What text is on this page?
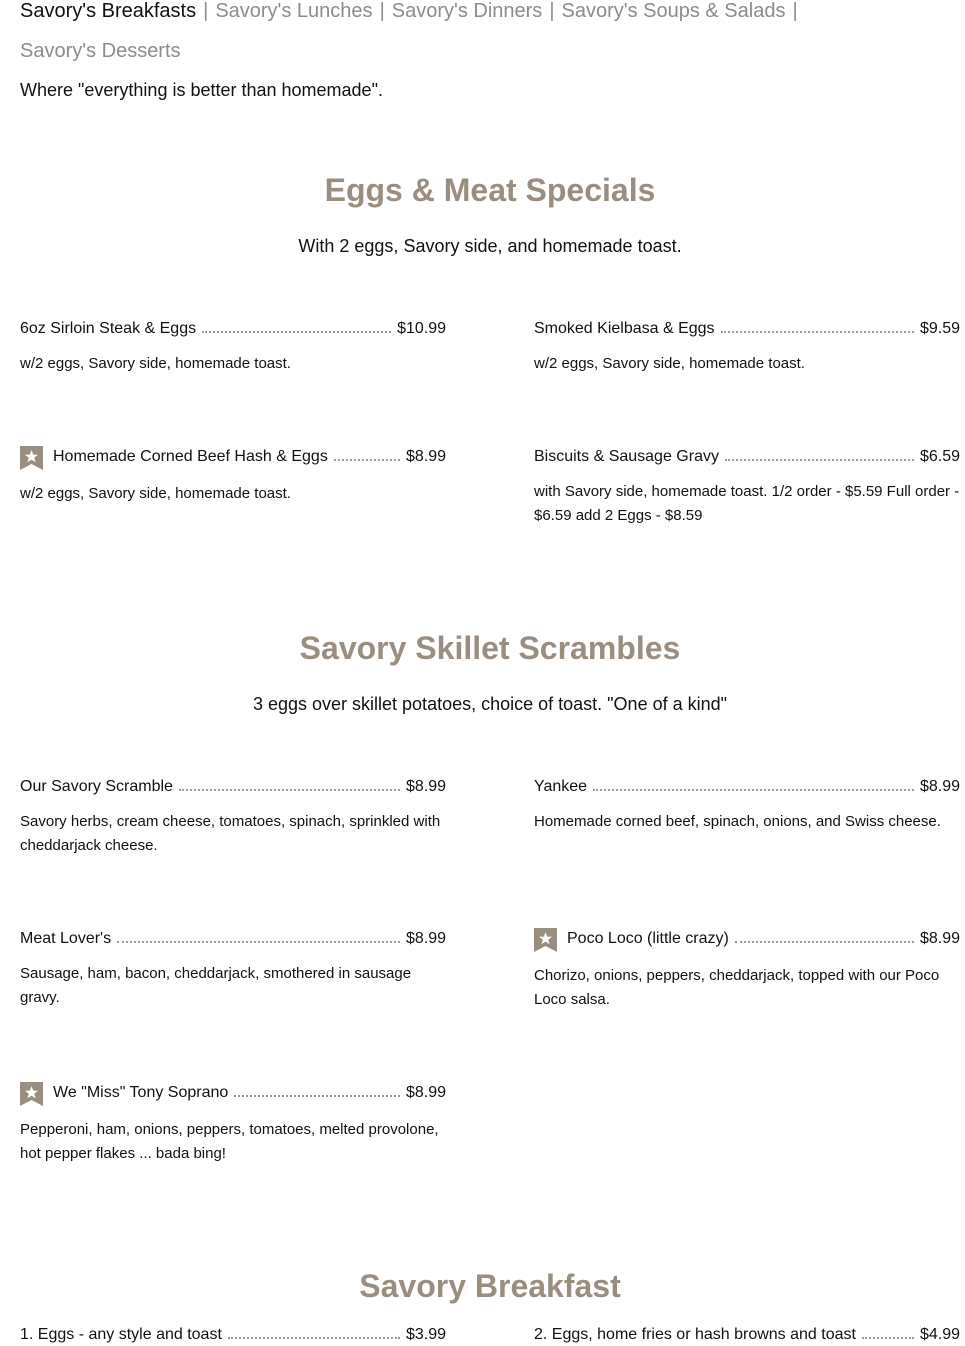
Savory's Breakfasts | Savory's Lunches | Savory's Dinners | Savory's Soups & Salads |
Savory's Desserts
Where "everything is better than homemade".
Eggs & Meat Specials
With 2 eggs, Savory side, and homemade toast.
6oz Sirloin Steak & Eggs	$10.99
w/2 eggs, Savory side, homemade toast.
Smoked Kielbasa & Eggs	$9.59
w/2 eggs, Savory side, homemade toast.
Homemade Corned Beef Hash & Eggs	$8.99
w/2 eggs, Savory side, homemade toast.
Biscuits & Sausage Gravy	$6.59
with Savory side, homemade toast. 1/2 order - $5.59 Full order - $6.59 add 2 Eggs - $8.59
Savory Skillet Scrambles
3 eggs over skillet potatoes, choice of toast. "One of a kind"
Our Savory Scramble	$8.99
Savory herbs, cream cheese, tomatoes, spinach, sprinkled with cheddarjack cheese.
Yankee	$8.99
Homemade corned beef, spinach, onions, and Swiss cheese.
Meat Lover's	$8.99
Sausage, ham, bacon, cheddarjack, smothered in sausage gravy.
Poco Loco (little crazy)	$8.99
Chorizo, onions, peppers, cheddarjack, topped with our Poco Loco salsa.
We "Miss" Tony Soprano	$8.99
Pepperoni, ham, onions, peppers, tomatoes, melted provolone, hot pepper flakes ... bada bing!
Savory Breakfast
1. Eggs - any style and toast	$3.99	2. Eggs, home fries or hash browns and toast	$4.99
